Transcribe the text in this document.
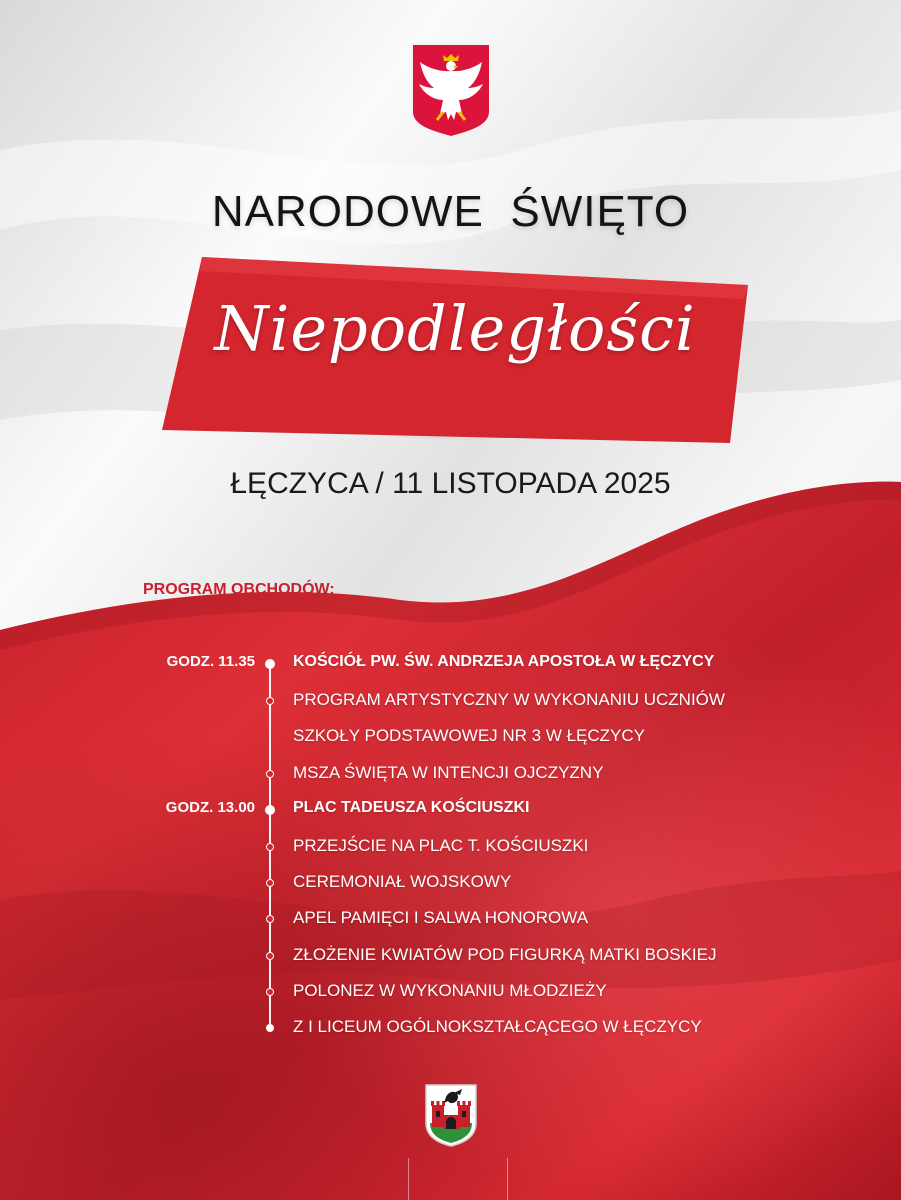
NARODOWE  ŚWIĘTO
Niepodległości
ŁĘCZYCA / 11 LISTOPADA 2025
PROGRAM OBCHODÓW:
GODZ. 11.35 KOŚCIÓŁ PW. ŚW. ANDRZEJA APOSTOŁA W ŁĘCZYCY
PROGRAM ARTYSTYCZNY W WYKONANIU UCZNIÓW
SZKOŁY PODSTAWOWEJ NR 3 W ŁĘCZYCY
MSZA ŚWIĘTA W INTENCJI OJCZYZNY
GODZ. 13.00 PLAC TADEUSZA KOŚCIUSZKI
PRZEJŚCIE NA PLAC T. KOŚCIUSZKI
CEREMONIAŁ WOJSKOWY
APEL PAMIĘCI I SALWA HONOROWA
ZŁOŻENIE KWIATÓW POD FIGURKĄ MATKI BOSKIEJ
POLONEZ W WYKONANIU MŁODZIEŻY
Z I LICEUM OGÓLNOKSZTAŁCĄCEGO W ŁĘCZYCY
